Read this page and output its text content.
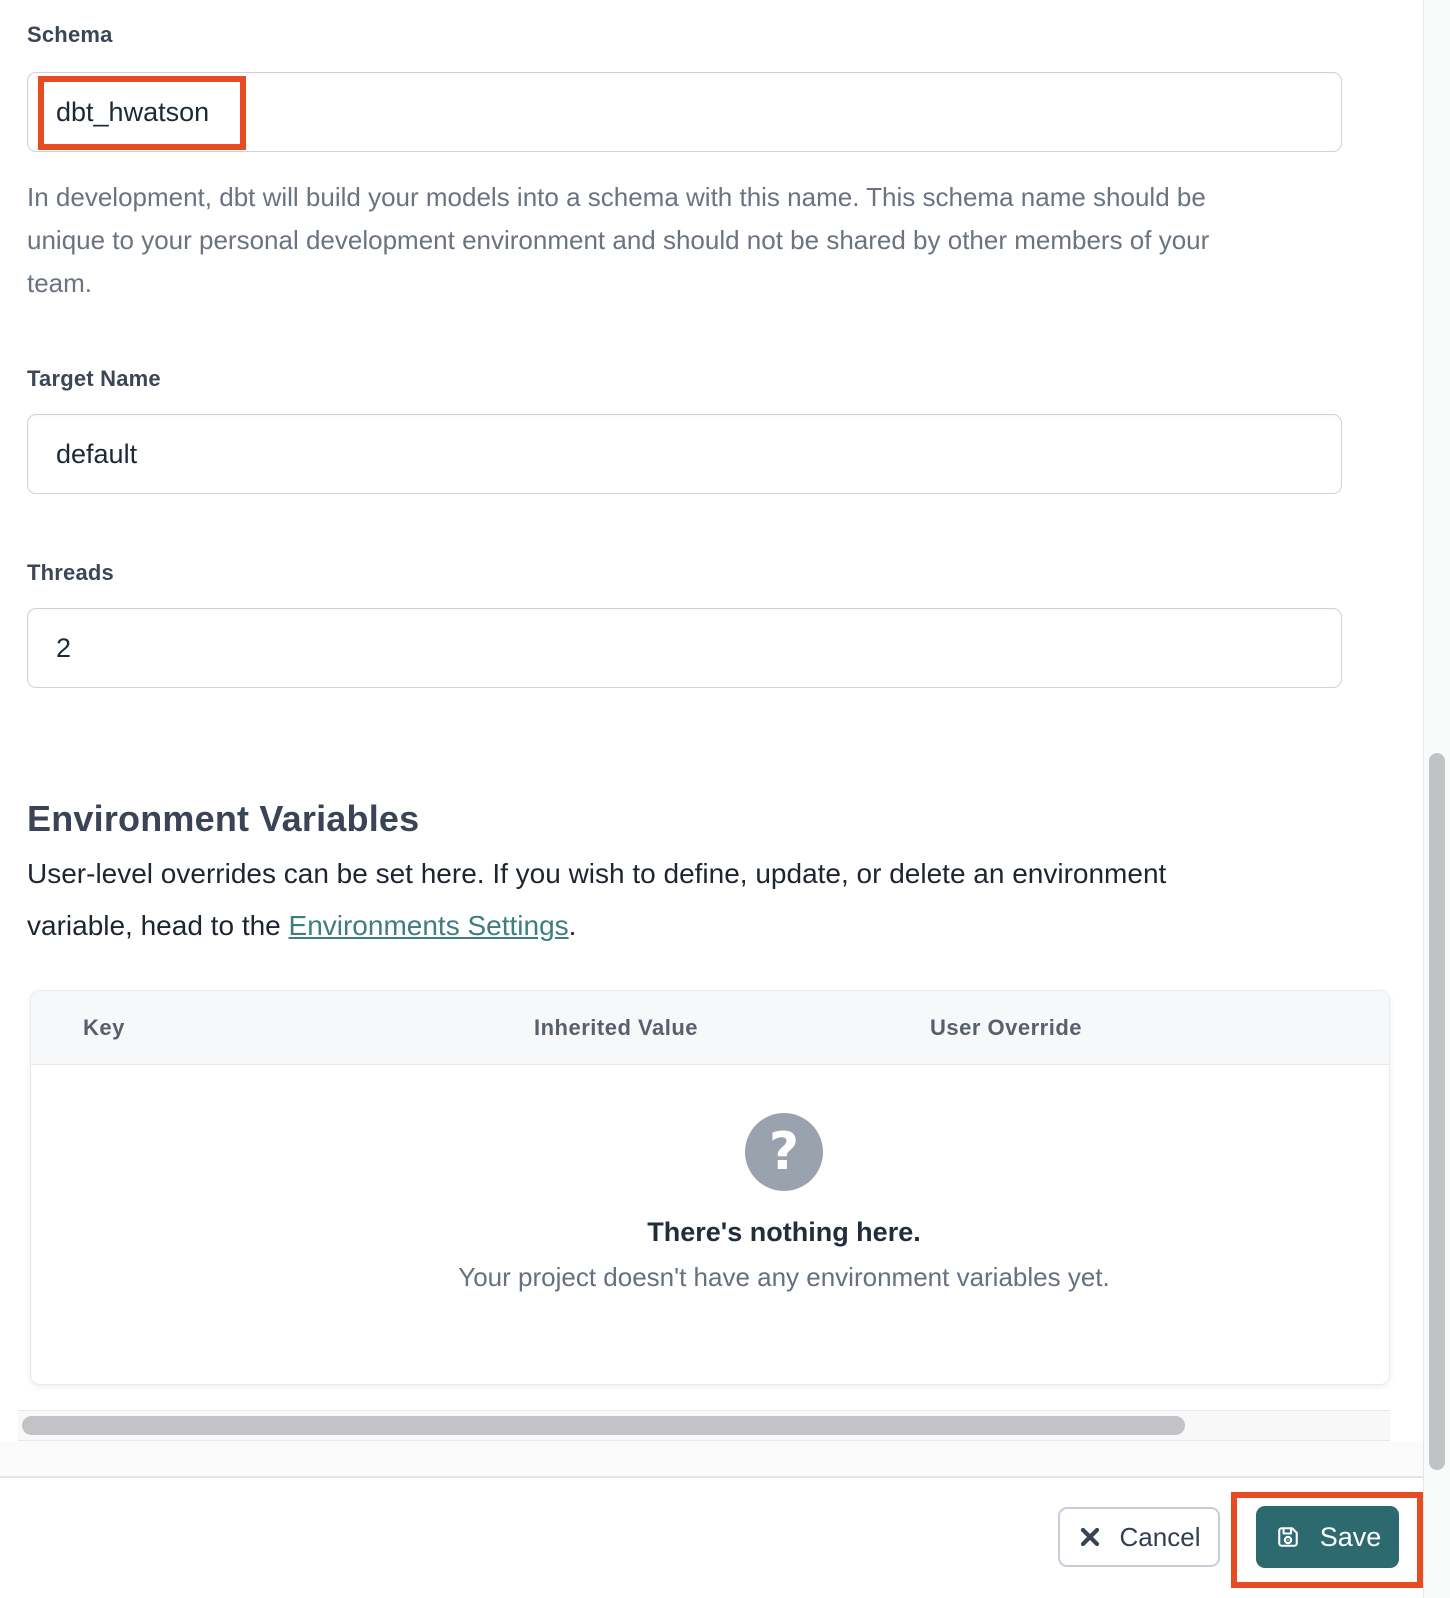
Schema
dbt_hwatson
In development, dbt will build your models into a schema with this name. This schema name should be
unique to your personal development environment and should not be shared by other members of your
team.
Target Name
default
Threads
2
Environment Variables
User-level overrides can be set here. If you wish to define, update, or delete an environment
variable, head to the Environments Settings.
Key	Inherited Value	User Override
?
There's nothing here.
Your project doesn't have any environment variables yet.
Cancel	Save
